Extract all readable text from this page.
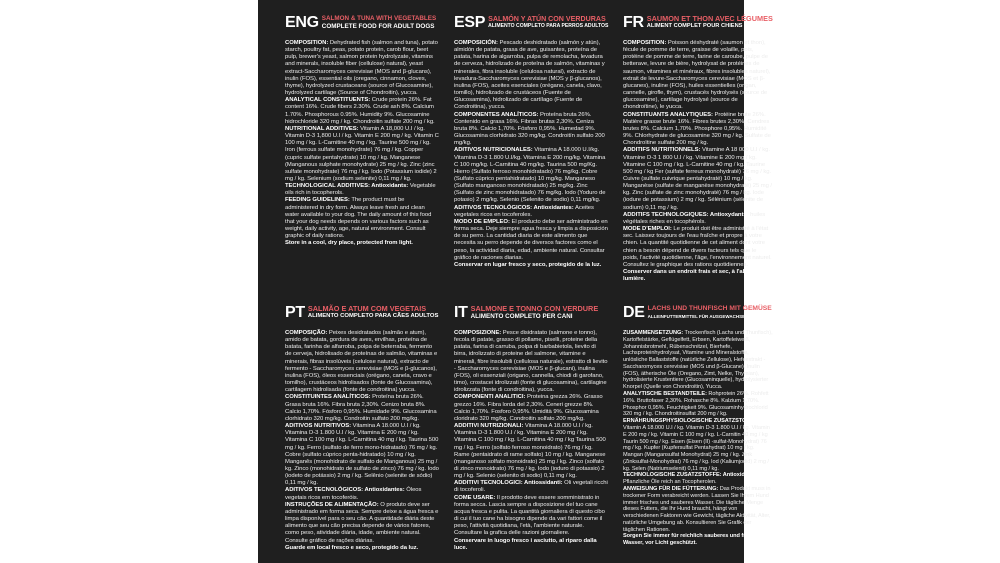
ENG SALMON & TUNA WITH VEGETABLES
COMPLETE FOOD FOR ADULT DOGS

COMPOSITION: Dehydrated fish (salmon and tuna), potato starch, poultry fat, peas, potato protein, carob flour, beet pulp, brewer's yeast, salmon protein hydrolyzate, vitamins and minerals, insoluble fiber (cellulose) natural), yeast extract-Saccharomyces cerevisiae (MOS and β-glucans), inulin (FOS), essential oils (oregano, cinnamon, cloves, thyme), hydrolyzed crustaceans (source of Glucosamine), hydrolyzed cartilage (Source of Chondroitin), yucca.

ANALYTICAL CONSTITUENTS: Crude protein 26%. Fat content 16%. Crude fibers 2.30%. Crude ash 8%. Calcium 1.70%. Phosphorous 0.95%. Humidity 9%. Glucosamine hidrochloride 320 mg / kg. Chondroitin sulfate 200 mg / kg.

NUTRITIONAL ADDITIVES: Vitamin A 18,000 U.I / kg. Vitamin D-3 1,800 U.I / kg. Vitamin E 200 mg / kg. Vitamin C 100 mg / kg. L-Carnitine 40 mg / kg. Taurine 500 mg / kg. Iron (ferrous sulfate monohydrate) 76 mg / kg. Copper (cupric sulfate pentahydrate) 10 mg / kg. Manganese (Manganous sulphate monohydrate) 25 mg / kg. Zinc (zinc sulfate monohydrate) 76 mg / kg. Iodo (Potassium iodide) 2 mg / kg. Selenium (sodium selenite) 0,11 mg / kg.

TECHNOLOGICAL ADDITIVES: Antioxidants: Vegetable oils rich in tocopherols.

FEEDING GUIDELINES: The product must be administered in dry form. Always leave fresh and clean water available to your dog. The daily amount of this food that your dog needs depends on various factors such as weight, daily activity, age, natural environment. Consult graphic of daily rations.

Store in a cool, dry place, protected from light.

ESP SALMÓN Y ATÚN CON VERDURAS
ALIMENTO COMPLETO PARA PERROS ADULTOS

COMPOSICIÓN: Pescado deshidratado (salmón y atún), almidón de patata, grasa de ave, guisantes, proteína de patata, harina de algarroba, pulpa de remolacha, levadura de cerveza, hidrolizado de proteína de salmón, vitaminas y minerales, fibra insoluble (celulosa natural), extracto de levadura-Saccharomyces cerevisiae (MOS y β-glucanos), inulina (FOS), aceites esenciales (orégano, canela, clavo, tomillo), hidrolizado de crustáceos (Fuente de Glucosamina), hidrolizado de cartílago (Fuente de Condroitina), yucca.

COMPONENTES ANALÍTICOS: Proteína bruta 26%. Contenido en grasa 16%. Fibras brutas 2,30%. Ceniza bruta 8%. Calcio 1,70%. Fósforo 0,95%. Humedad 9%. Glucosamina clorhidrato 320 mg/kg. Condroitín sulfato 200 mg/kg.

ADITIVOS NUTRICIONALES: Vitamina A 18.000 U.I/kg. Vitamina D-3 1.800 U.I/kg. Vitamina E 200 mg/kg. Vitamina C 100 mg/kg. L-Carnitina 40 mg/kg. Taurina 500 mg/Kg. Hierro (Sulfato ferroso monohidratado) 76 mg/kg. Cobre (Sulfato cúprico pentahidratado) 10 mg/kg. Manganeso (Sulfato manganoso monohidratado) 25 mg/kg. Zinc (Sulfato de zinc monohidratado) 76 mg/kg. Iodo (Yoduro de potasio) 2 mg/kg. Selenio (Selenito de sodio) 0,11 mg/kg.

ADITIVOS TECNOLÓGICOS: Antioxidantes: Aceites vegetales ricos en tocoferoles.

MODO DE EMPLEO: El producto debe ser administrado en forma seca. Deje siempre agua fresca y limpia a disposición de su perro. La cantidad diaria de este alimento que necesita su perro depende de diversos factores como el peso, la actividad diaria, edad, ambiente natural. Consultar gráfico de raciones diarias.

Conservar en lugar fresco y seco, protegido de la luz.

FR SAUMON ET THON AVEC LÉGUMES
ALIMENT COMPLET POUR CHIENS ADULTES

COMPOSITION: Poisson déshydraté (saumon et thon), fécule de pomme de terre, graisse de volaille, pois, protéine de pomme de terre, farine de caroube, pulpe de betterave, levure de bière, hydrolysat de protéines de saumon, vitamines et minéraux, fibres insolubles naturel), extrait de levure-Saccharomyces cerevisiae (MOS et β-glucanes), inuline (FOS), huiles essentielles (origan, cannelle, girofle, thym), crustacés hydrolysés (source de glucosamine), cartilage hydrolysé (source de chondroïtine), le yucca.

CONSTITUANTS ANALYTIQUES: Protéine brute 26%. Matière grasse brute 16%. Fibres brutes 2,30%. Cendres brutes 8%. Calcium 1,70%. Phosphore 0,95%. Humidité 9%. Chlorhydrate de glucosamine 320 mg / kg. Sulfate de Chondroïtine sulfate 200 mg / kg.

ADDITIFS NUTRITIONNELS: Vitamine A 18 000 U.I / kg. Vitamine D-3 1 800 U.I / kg. Vitamine E 200 mg / kg. Vitamine C 100 mg / kg. L-Carnitine 40 mg / kg. Taurine 500 mg / kg Fer (sulfate ferreux monohydraté) 76 mg / kg. Cuivre (sulfate cuivrique pentahydraté) 10 mg / kg. Manganèse (sulfate de manganèse monohydraté) 25 mg / kg. Zinc (sulfate de zinc monohydraté) 76 mg / kg. Iode (iodure de potassium) 2 mg / kg. Sélénium (sélénite de sodium) 0,11 mg / kg.

ADDITIFS TECHNOLOGIQUES: Antioxydants: huiles végétales riches en tocophérols.

MODE D'EMPLOI: Le produit doit être administré à l'état sec. Laissez toujours de l'eau fraîche et propre à votre chien. La quantité quotidienne de cet aliment dont votre chien a besoin dépend de divers facteurs tels que le poids, l'activité quotidienne, l'âge, l'environnement naturel. Consultez le graphique des rations quotidiennes.

Conserver dans un endroit frais et sec, à l'abri de la lumière.

PT SALMÃO E ATUM COM VEGETAIS
ALIMENTO COMPLETO PARA CÃES ADULTOS

COMPOSIÇÃO: Peixes desidratados (salmão e atum), amido de batata, gordura de aves, ervilhas, proteína de batata, farinha de alfarroba, polpa de beterraba, fermento de cerveja, hidrolisado de proteínas de salmão, vitaminas e minerais, fibras insolúveis (celulose natural), extracto de fermento - Saccharomyces cerevisiae (MOS e β-glucanos), inulina (FOS), óleos essenciais (orégano, canela, cravo e tomilho), crustáceos hidrolisados (fonte de Glucosamina), cartilagem hidrolisada (fonte de condroitina) yucca.

CONSTITUINTES ANALÍTICOS: Proteína bruta 26%. Grasa bruta 16%. Fibra bruta 2,30%. Cenizo bruta 8%. Calcio 1,70%. Fósforo 0,95%. Humidade 9%. Glucosamina clorhidrato 320 mg/kg. Condroitin sulfato 200 mg/kg.

ADITIVOS NUTRITIVOS: Vitamina A 18.000 U.I / kg. Vitamina D-3 1.800 U.I / kg. Vitamina E 200 mg / kg. Vitamina C 100 mg / kg. L-Carnitina 40 mg / kg. Taurina 500 mg / kg. Ferro (sulfato de ferro mono-hidratado) 76 mg / kg. Cobre (sulfato cúprico penta-hidratado) 10 mg / kg. Manganês (monohidrato de sulfato de Manganous) 25 mg / kg. Zinco (monohidrato de sulfato de zinco) 76 mg / kg. Iodo (iodeto de potássio) 2 mg / kg. Selênio (selenite de sódio) 0,11 mg / kg.

ADITIVOS TECNOLÓGICOS: Antioxidantes: Óleos vegetais ricos em tocoferóis.

INSTRUÇÕES DE ALIMENTAÇÃO: O produto deve ser administrado em forma seca. Sempre deixe a água fresca e limpa disponível para o seu cão. A quantidade diária deste alimento que seu cão precisa depende de vários fatores, como peso, atividade diária, idade, ambiente natural. Consulte gráfico de rações diárias.

Guarde em local fresco e seco, protegido da luz.

IT SALMONE E TONNO CON VERDURE
ALIMENTO COMPLETO PER CANI

COMPOSIZIONE: Pesce disidratato (salmone e tonno), fecola di patate, grasso di pollame, piselli, proteine della patata, farina di carruba, polpa di barbabietola, lievito di birra, idrolizzato di proteine del salmone, vitamine e minerali, fibre insolubili (cellulosa naturale), estratto di lievito - Saccharomyces cerevisiae (MOS e β-glucani), inulina (FOS), oli essenziali (origano, cannella, chiodi di garofano, timo), crostacei idrolizzati (fonte di glucosamina), cartilagine idrolizzata (fonte di condroitina), yucca.

COMPONENTI ANALITICI: Proteina grezza 26%. Grasso grezzo 16%. Fibra lorda del 2,30%. Ceneri grezze 8%. Calcio 1,70%. Fosforo 0,95%. Umidità 9%. Glucosamina cloridrato 320 mg/kg. Condroitin solfato 200 mg/kg.

ADDITIVI NUTRIZIONALI: Vitamina A 18.000 U.I / kg. Vitamina D-3 1.800 U.I / kg. Vitamina E 200 mg / kg. Vitamina C 100 mg / kg. L-Carnitina 40 mg / kg Taurina 500 mg / kg. Ferro (solfato ferroso monoidrato) 76 mg / kg. Rame (pentaidrato di rame solfato) 10 mg / kg. Manganese (manganoso solfato monoidrato) 25 mg / kg. Zinco (solfato di zinco monoidrato) 76 mg / kg. Iodo (ioduro di potassio) 2 mg / kg. Selenio (selenito di sodio) 0,11 mg / kg.

ADDITIVI TECNOLOGICI: Antiossidanti: Oli vegetali ricchi di tocoferoli.

COME USARE: Il prodotto deve essere somministrato in forma secca. Lascia sempre a disposizione del tuo cane acqua fresca e pulita. La quantità giornaliera di questo cibo di cui il tuo cane ha bisogno dipende da vari fattori come il peso, l'attività quotidiana, l'età, l'ambiente naturale. Consultare la grafica delle razioni giornaliere.

Conservare in luogo fresco i asciutto, al riparo dalla luce.

DE LACHS UND THUNFISCH MIT GEMÜSE
ALLEINFUTTERMITTEL FÜR AUSGEWACHSENE HUNDE

ZUSAMMENSETZUNG: Trockenfisch (Lachs und Thunfisch), Kartoffelstärke, Geflügelfett, Erbsen, Kartoffeleiweiß, Johannisbrotmehl, Rübenschnitzel, Bierhefe, Lachsproteinhydrolysat, Vitamine und Mineralstoffe, unlösliche Ballaststoffe (natürliche Zellulose), Hefeextrakt - Saccharomyces cerevisiae (MOS und β-Glucane), Inulin (FOS), ätherische Öle (Oregano, Zimt, Nelke, Thymian), hydrolisierte Krustentiere (Glucosaminquelle), hydrolysierter Knorpel (Quelle von Chondroitin), Yucca.

ANALYTISCHE BESTANDTEILE: Rohprotein 26%. Rohfett 16%. Bruttofaser 2,30%. Rohasche 8%. Kalzium 1,70%. Phosphor 0,95%. Feuchtigkeit 9%. Glucosaminhydrochlorid 320 mg / kg. Chondroitinsulfat 200 mg / kg.

ERNÄHRUNGSPHYSIOLOGISCHE ZUSATZSTOFFE: Vitamin A 18.000 U.I / kg. Vitamin D-3 1.800 U.I / kg. Vitamin E 200 mg / kg. Vitamin C 100 mg / kg. L-Carnitin 40 mg / kg Taurin 500 mg / kg. Eisen (Eisen (II) -sulfat-Monohydrat) 76 mg / kg. Kupfer (Kupfersulfat Pentahydrat) 10 mg / kg. Mangan (Mangansulfat Monohydrat) 25 mg / kg. Zink (Zinksulfat-Monohydrat) 76 mg / kg. Iod (Kaliumjodid) 2 mg / kg. Selen (Natriumselenit) 0,11 mg / kg.

TECHNOLOGISCHE ZUSATZSTOFFE: Antioxidantien: Pflanzliche Öle reich an Tocopherolen.

ANWEISUNG FÜR DIE FÜTTERUNG: Das Produkt muss in trockener Form verabreicht werden. Lassen Sie Ihrem Hund immer frisches und sauberes Wasser. Die tägliche Menge dieses Futters, die Ihr Hund braucht, hängt von verschiedenen Faktoren wie Gewicht, tägliche Aktivität, Alter, natürliche Umgebung ab. Konsultieren Sie Grafik der täglichen Rationen.

Sorgen Sie immer für reichlich sauberes und frisches Wasser, vor Licht geschützt.
